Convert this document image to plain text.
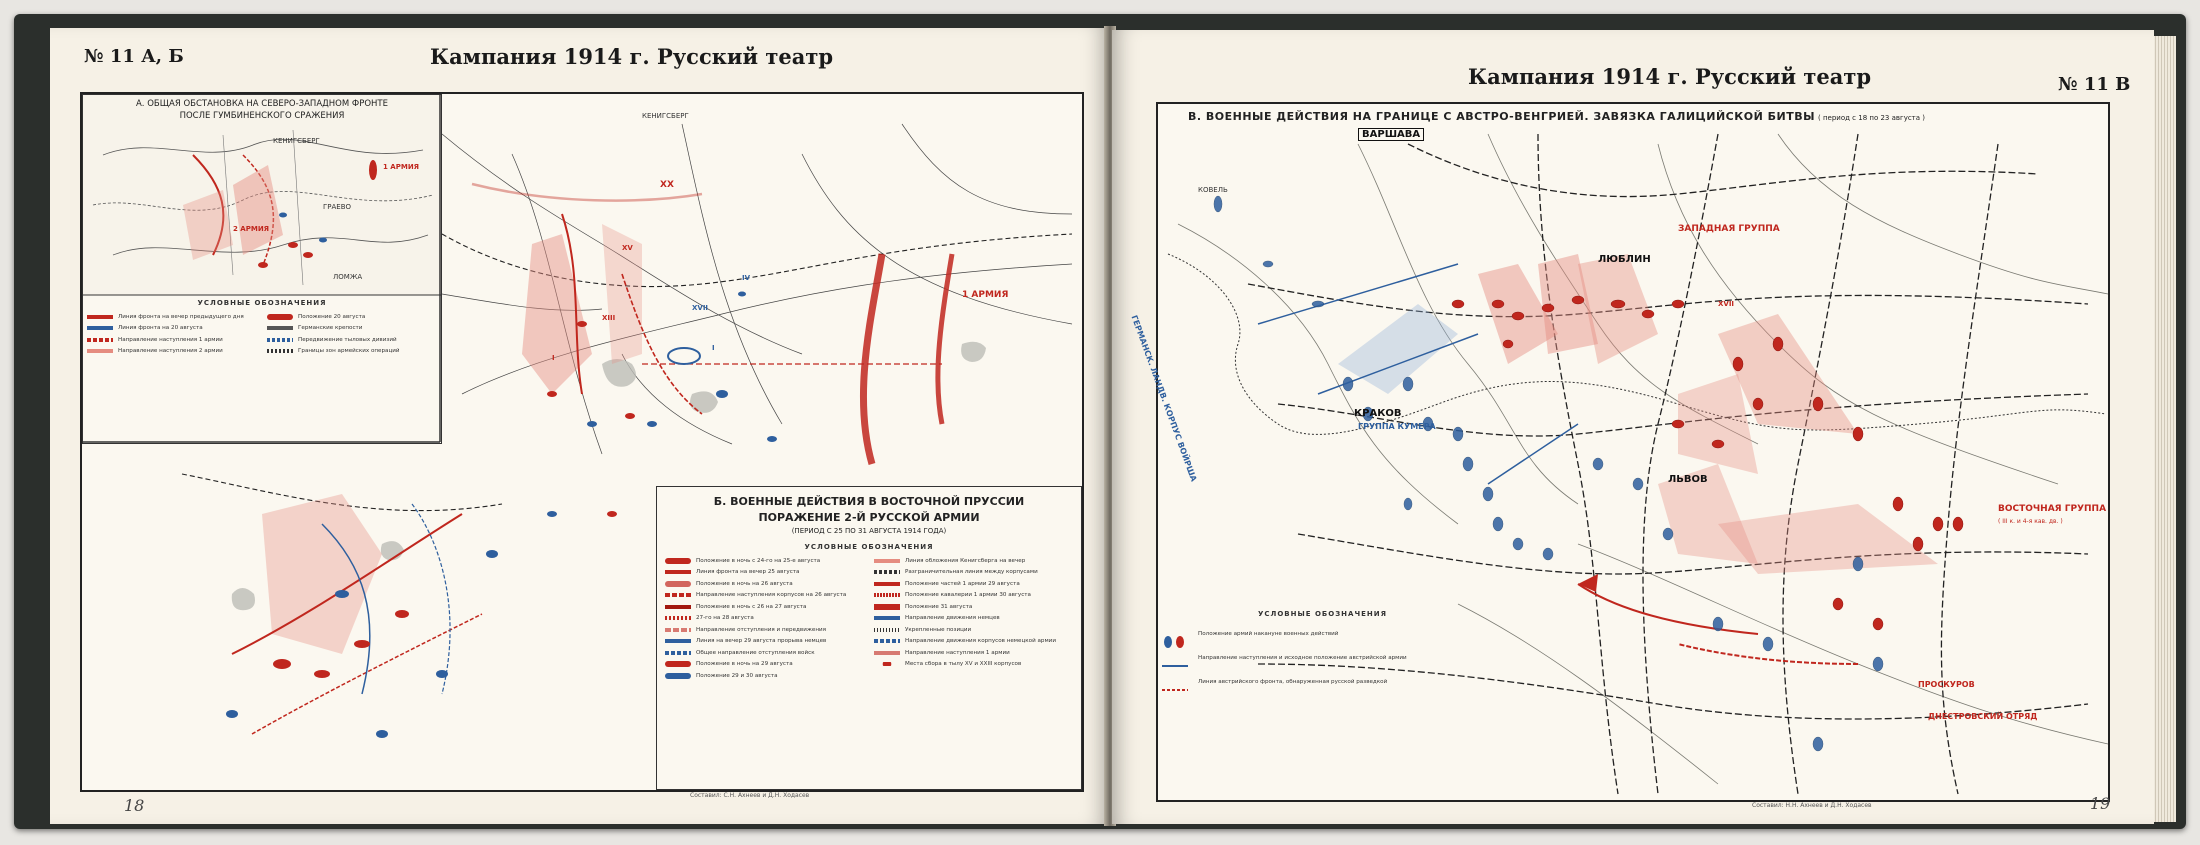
№ 11 А, Б	Кампания 1914 г. Русский театр
А. ОБЩАЯ ОБСТАНОВКА НА СЕВЕРО-ЗАПАДНОМ ФРОНТЕ
ПОСЛЕ ГУМБИНЕНСКОГО СРАЖЕНИЯ
КЕНИГСБЕРГ
ГРАЕВО
ЛОМЖА
1 АРМИЯ
2 АРМИЯ
УСЛОВНЫЕ ОБОЗНАЧЕНИЯ
Линия фронта на вечер предыдущего дня
Линия фронта на 20 августа
Направление наступления 1 армии
Направление наступления 2 армии
Положение 20 августа
Германские крепости
Передвижение тыловых дивизий
Границы зон армейских операций
КЕНИГСБЕРГ
1 АРМИЯ
XX
XVII
I
IV
XV
XIII
I
Б. ВОЕННЫЕ ДЕЙСТВИЯ В ВОСТОЧНОЙ ПРУССИИ
ПОРАЖЕНИЕ 2-Й РУССКОЙ АРМИИ
(ПЕРИОД С 25 ПО 31 АВГУСТА 1914 ГОДА)
УСЛОВНЫЕ ОБОЗНАЧЕНИЯ
Положение в ночь с 24-го на 25-е августа
Линия фронта на вечер 25 августа
Положение в ночь на 26 августа
Направление наступления корпусов на 26 августа
Положение в ночь с 26 на 27 августа
27-го на 28 августа
Направление отступления и передвижения
Линия на вечер 29 августа прорыва немцев
Общее направление отступления войск
Положение в ночь на 29 августа
Положение 29 и 30 августа
Линия обложения Кенигсберга на вечер
Разграничительная линия между корпусами
Положение частей 1 армии 29 августа
Положение кавалерии 1 армии 30 августа
Положение 31 августа
Направление движения немцев
Укрепленные позиции
Направление движения корпусов немецкой армии
Направление наступления 1 армии
Места сбора в тылу XV и XXIII корпусов
Составил: С.Н. Ахнеев и Д.Н. Ходасев
18
Кампания 1914 г. Русский театр	№ 11 В
В. ВОЕННЫЕ ДЕЙСТВИЯ НА ГРАНИЦЕ С АВСТРО-ВЕНГРИЕЙ. ЗАВЯЗКА ГАЛИЦИЙСКОЙ БИТВЫ ( период с 18 по 23 августа )
ВАРШАВА
КРАКОВ
ГРУППА КУМЕРА
ЛЮБЛИН
ЛЬВОВ
ПРОСКУРОВ
ЗАПАДНАЯ ГРУППА
ВОСТОЧНАЯ ГРУППА
( III к. и 4-я кав. дв. )
ДНЕСТРОВСКИЙ ОТРЯД
ГЕРМАНСК. ЛАНДВ. КОРПУС ВОЙРША
КОВЕЛЬ
XVII
УСЛОВНЫЕ ОБОЗНАЧЕНИЯ
Положение армий накануне военных действий
Направление наступления и исходное положение австрийской армии
Линия австрийского фронта, обнаруженная русской разведкой
Составил: Н.Н. Ахнеев и Д.Н. Ходасев	19
